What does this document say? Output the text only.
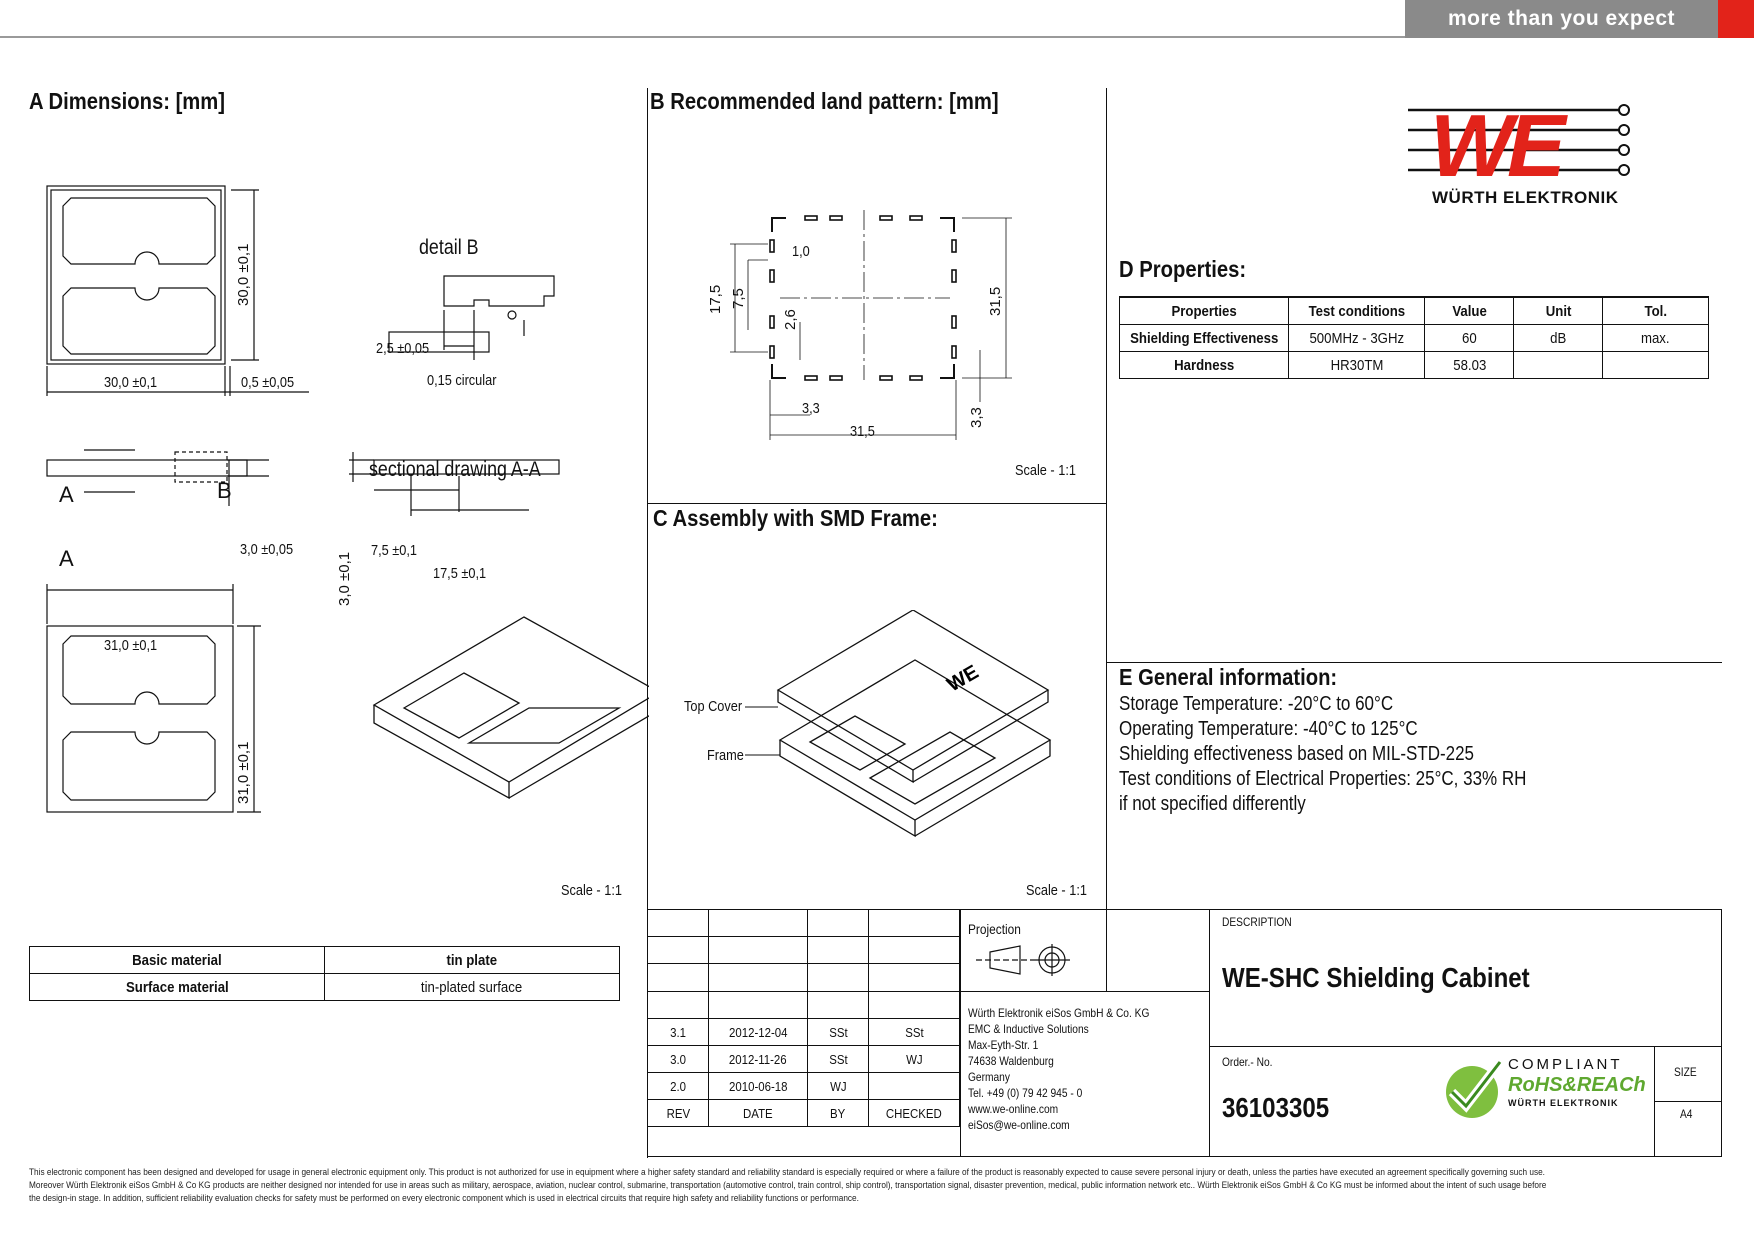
more than you expect
A Dimensions: [mm]
detail B
sectional drawing A-A
30,0 ±0,1	0,5 ±0,05
30,0 ±0,1
2,5 ±0,05
0,15 circular
A
A
B
3,0 ±0,05
3,0 ±0,1
7,5 ±0,1
17,5 ±0,1
31,0 ±0,1
31,0 ±0,1
Scale - 1:1
Basic material	tin plate
Surface material	tin-plated surface
B Recommended land pattern: [mm]
1,0
17,5 7,5
2,6
31,5
3,3
31,5
3,3
Scale - 1:1
C Assembly with SMD Frame:
WE
Top Cover
Frame
Scale - 1:1
WE
WÜRTH ELEKTRONIK
D Properties:
Properties	Test conditions	Value	Unit	Tol.
Shielding Effectiveness	500MHz - 3GHz	60	dB	max.
Hardness	HR30TM	58.03		
E General information:
Storage Temperature: -20°C to 60°C
Operating Temperature: -40°C to 125°C
Shielding effectiveness based on MIL-STD-225
Test conditions of Electrical Properties: 25°C, 33% RH
if not specified differently

3.1	2012-12-04	SSt	SSt
3.0	2012-11-26	SSt	WJ
2.0	2010-06-18	WJ	
REV	DATE	BY	CHECKED
Projection
Würth Elektronik eiSos GmbH & Co. KG
EMC & Inductive Solutions
Max-Eyth-Str. 1
74638 Waldenburg
Germany
Tel. +49 (0) 79 42 945 - 0
www.we-online.com
eiSos@we-online.com
DESCRIPTION
WE-SHC Shielding Cabinet
Order.- No.
36103305
COMPLIANT
RoHS&REACh
WÜRTH ELEKTRONIK
SIZE
A4
This electronic component has been designed and developed for usage in general electronic equipment only. This product is not authorized for use in equipment where a higher safety standard and reliability standard is especially required or where a failure of the product is reasonably expected to cause severe personal injury or death, unless the parties have executed an agreement specifically governing such use.
Moreover Würth Elektronik eiSos GmbH & Co KG products are neither designed nor intended for use in areas such as military, aerospace, aviation, nuclear control, submarine, transportation (automotive control, train control, ship control), transportation signal, disaster prevention, medical, public information network etc.. Würth Elektronik eiSos GmbH & Co KG must be informed about the intent of such usage before
the design-in stage. In addition, sufficient reliability evaluation checks for safety must be performed on every electronic component which is used in electrical circuits that require high safety and reliability functions or performance.
